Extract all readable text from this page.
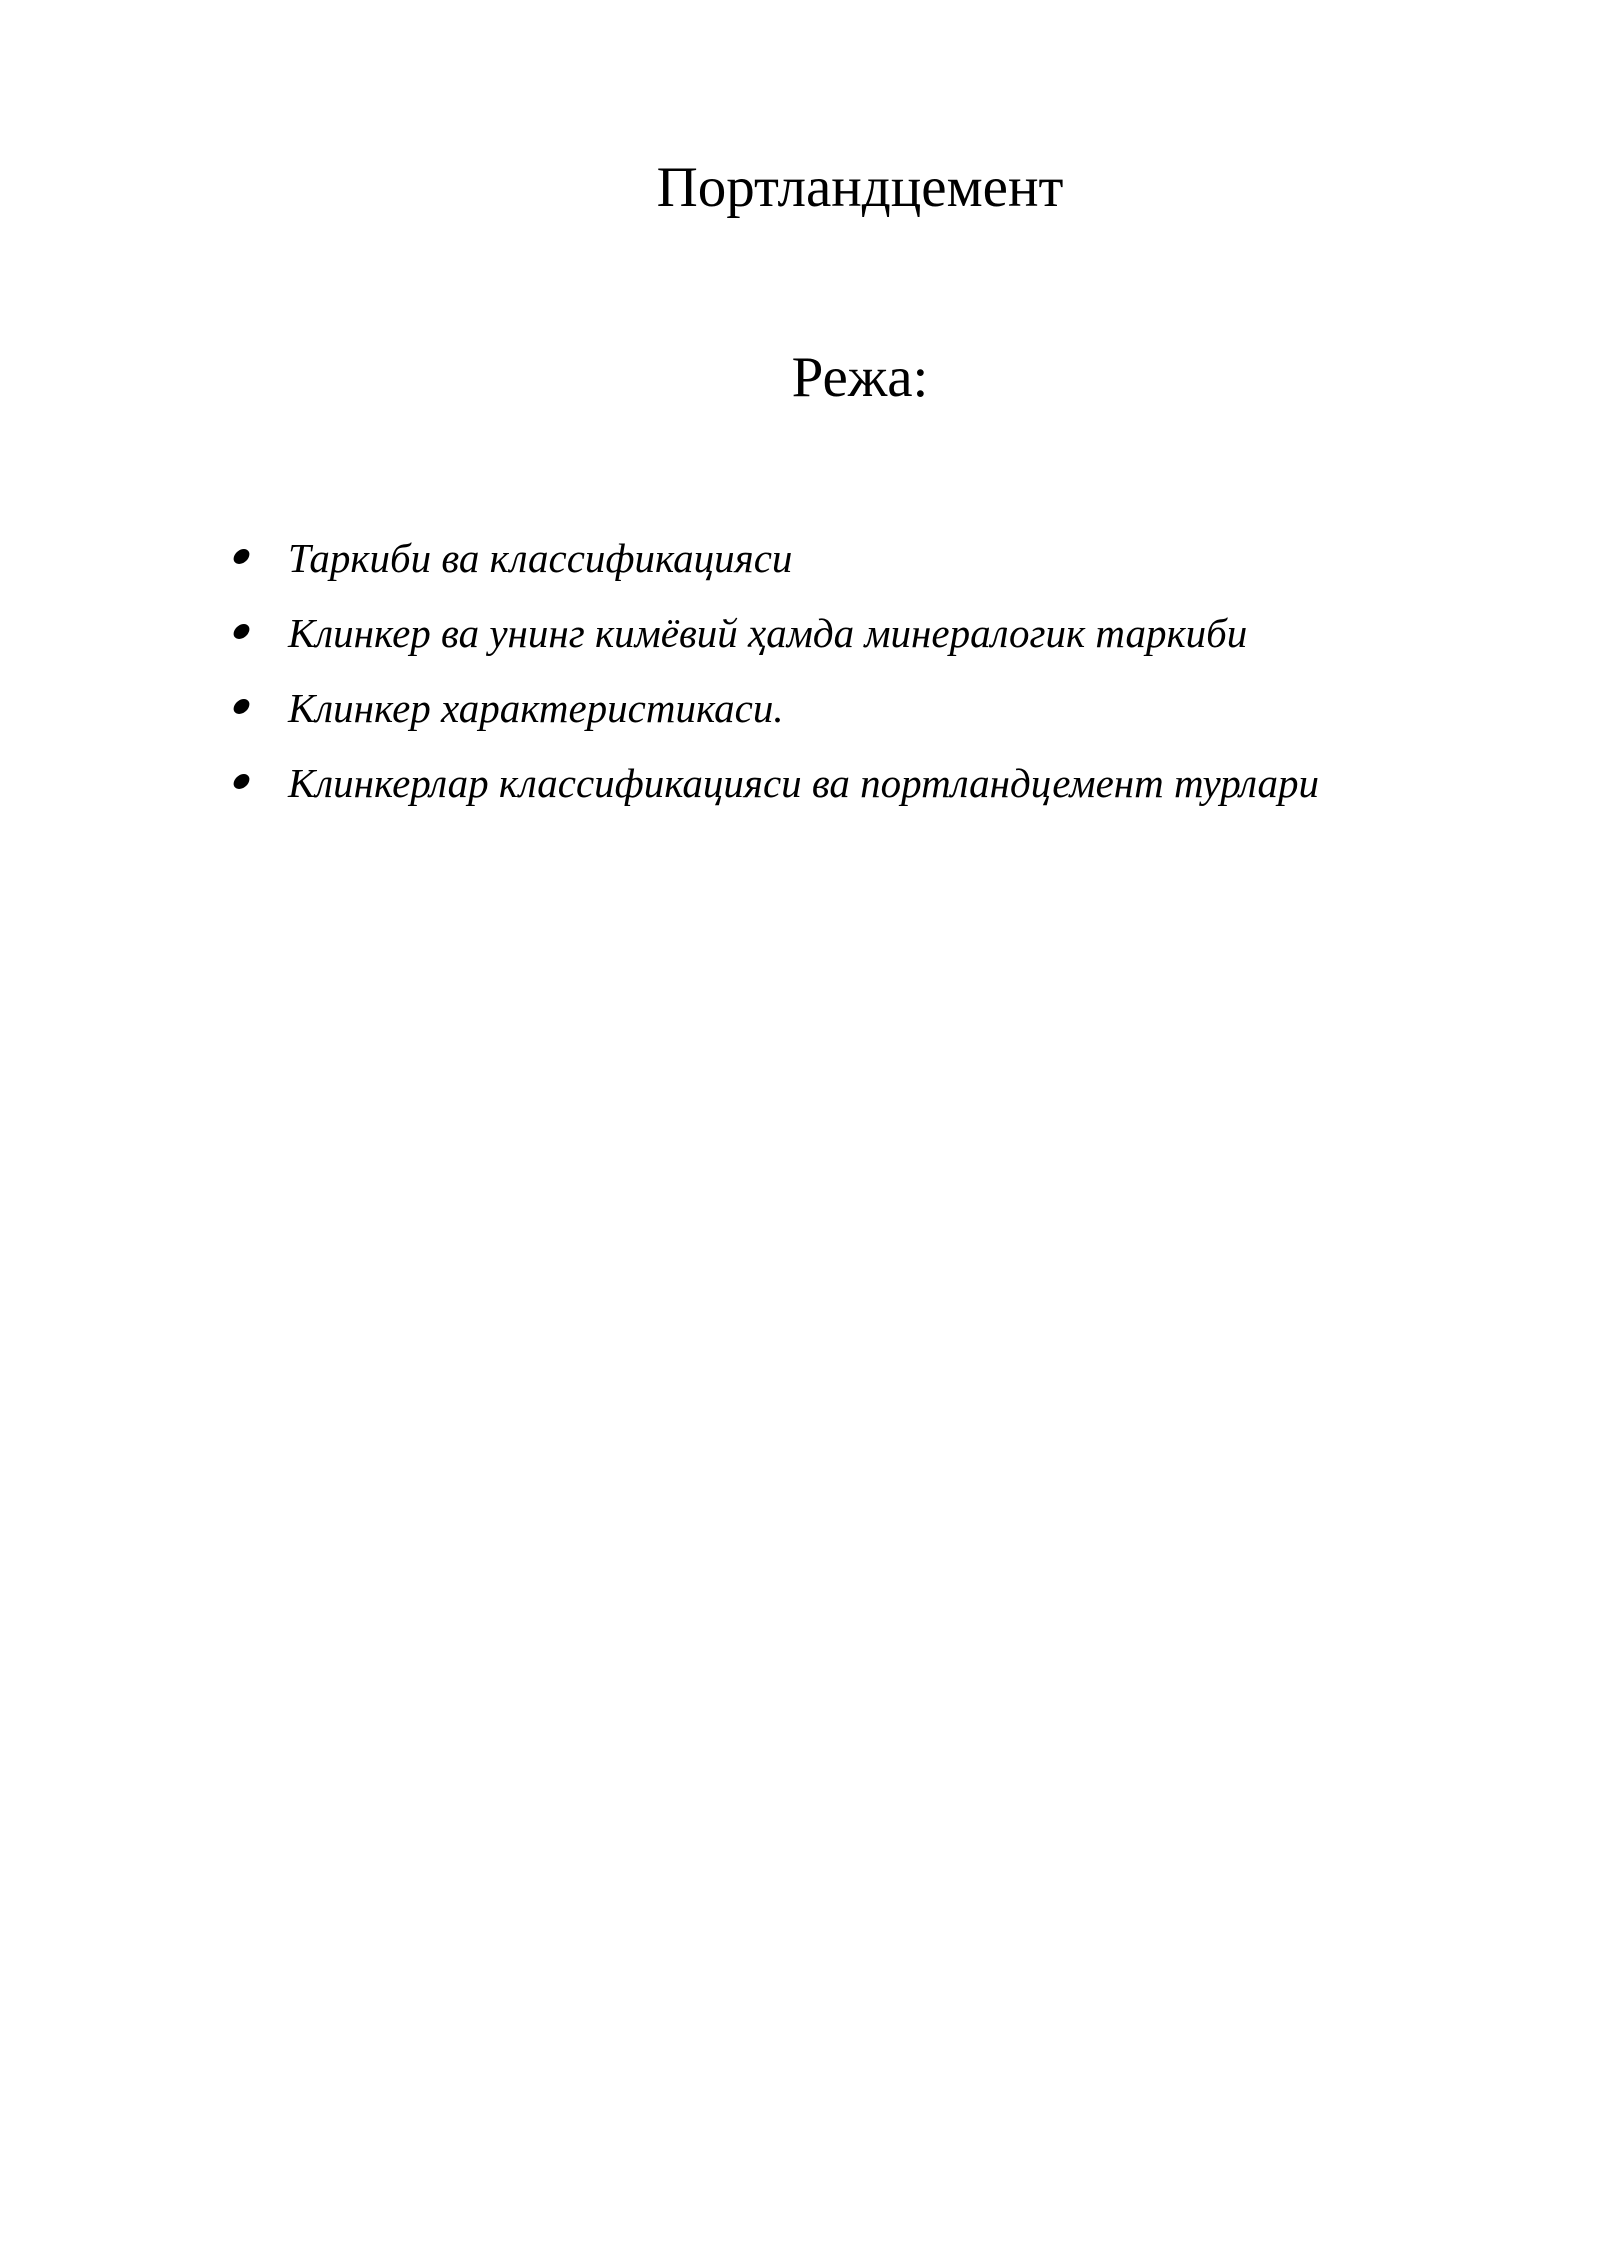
Портландцемент
Режа:
Таркиби ва классификацияси
Клинкер ва унинг кимёвий ҳамда минералогик таркиби
Клинкер характеристикаси.
Клинкерлар классификацияси ва портландцемент турлари
